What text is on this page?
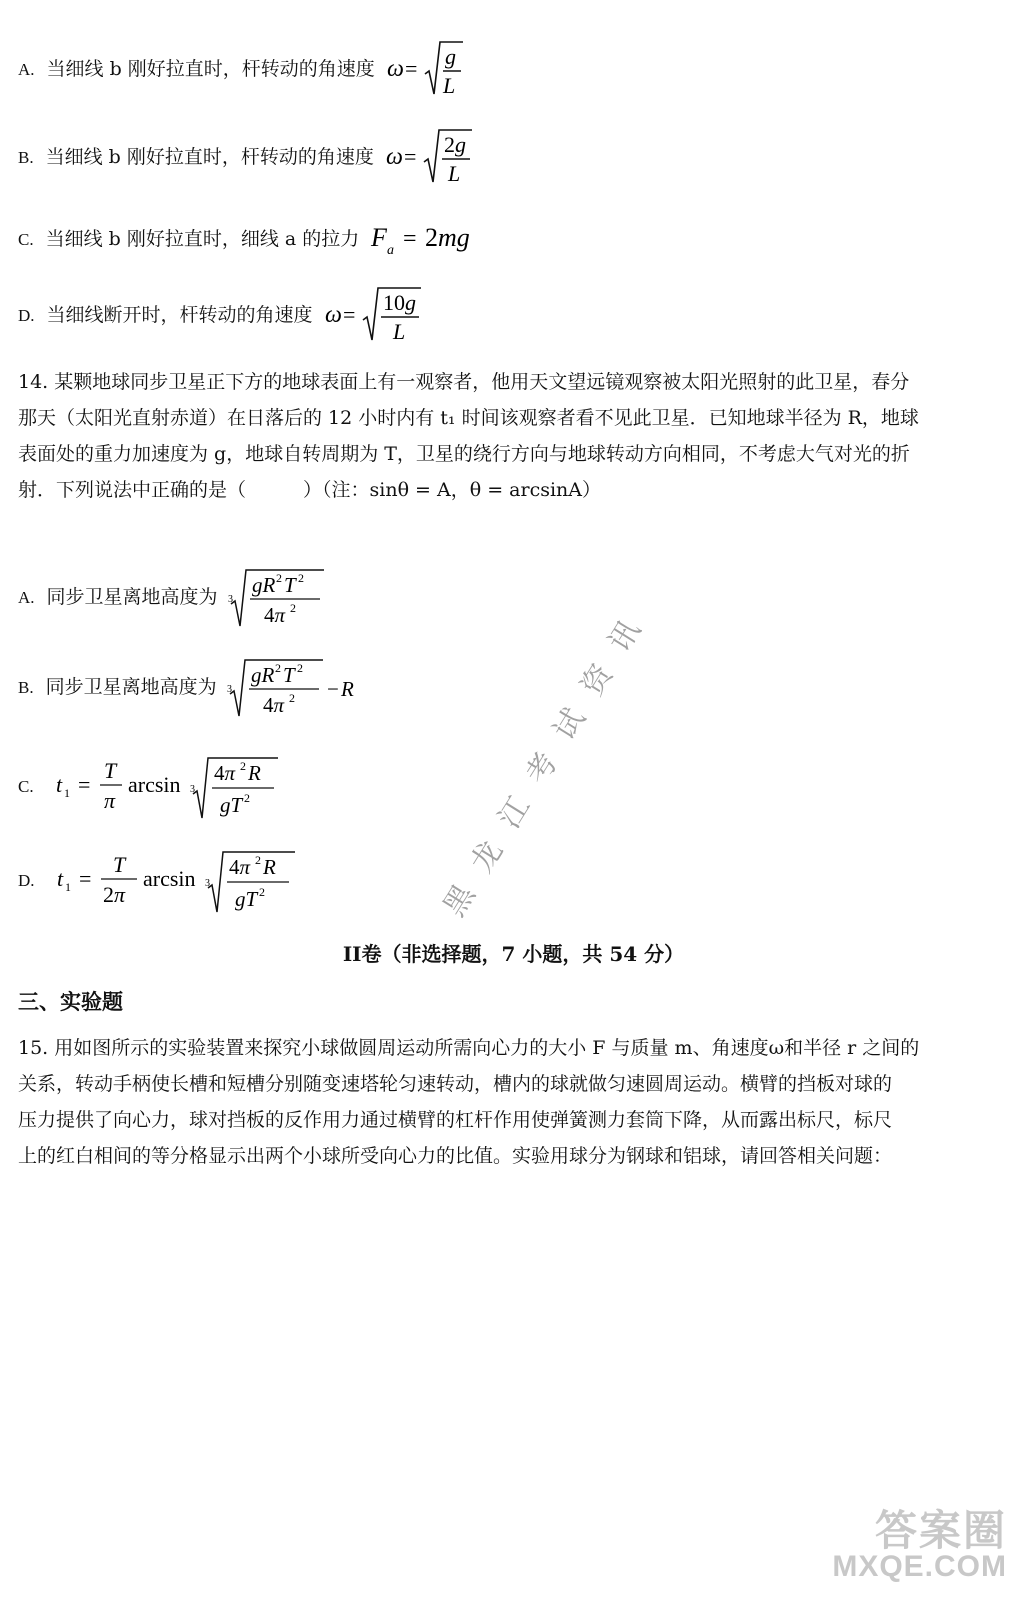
A. 当细线 b 刚好拉直时，杆转动的角速度 ω = g
L
B. 当细线 b 刚好拉直时，杆转动的角速度 ω = 2g
L
C. 当细线 b 刚好拉直时，细线 a 的拉力 F a = 2mg
D. 当细线断开时，杆转动的角速度 ω = 10g
L
14. 某颗地球同步卫星正下方的地球表面上有一观察者，他用天文望远镜观察被太阳光照射的此卫星，春分
那天（太阳光直射赤道）在日落后的 12 小时内有 t₁ 时间该观察者看不见此卫星．已知地球半径为 R，地球
表面处的重力加速度为 g，地球自转周期为 T，卫星的绕行方向与地球转动方向相同，不考虑大气对光的折
射．下列说法中正确的是（　　　）（注：sinθ = A，θ = arcsinA）
A. 同步卫星离地高度为 3
gR 2 T 2
4π 2
B. 同步卫星离地高度为 3
gR 2 T 2
4π 2 − R
C. t 1 =
T
π
arcsin 3
4π 2 R
gT 2
D. t 1 =
T
2π
arcsin 3
4π 2 R
gT 2
II卷（非选择题，7 小题，共 54 分）
三、实验题
15. 用如图所示的实验装置来探究小球做圆周运动所需向心力的大小 F 与质量 m、角速度ω和半径 r 之间的
关系，转动手柄使长槽和短槽分别随变速塔轮匀速转动，槽内的球就做匀速圆周运动。横臂的挡板对球的
压力提供了向心力，球对挡板的反作用力通过横臂的杠杆作用使弹簧测力套筒下降，从而露出标尺，标尺
上的红白相间的等分格显示出两个小球所受向心力的比值。实验用球分为钢球和铝球，请回答相关问题：
黑龙江考试资讯
答案圈
MXQE.COM
